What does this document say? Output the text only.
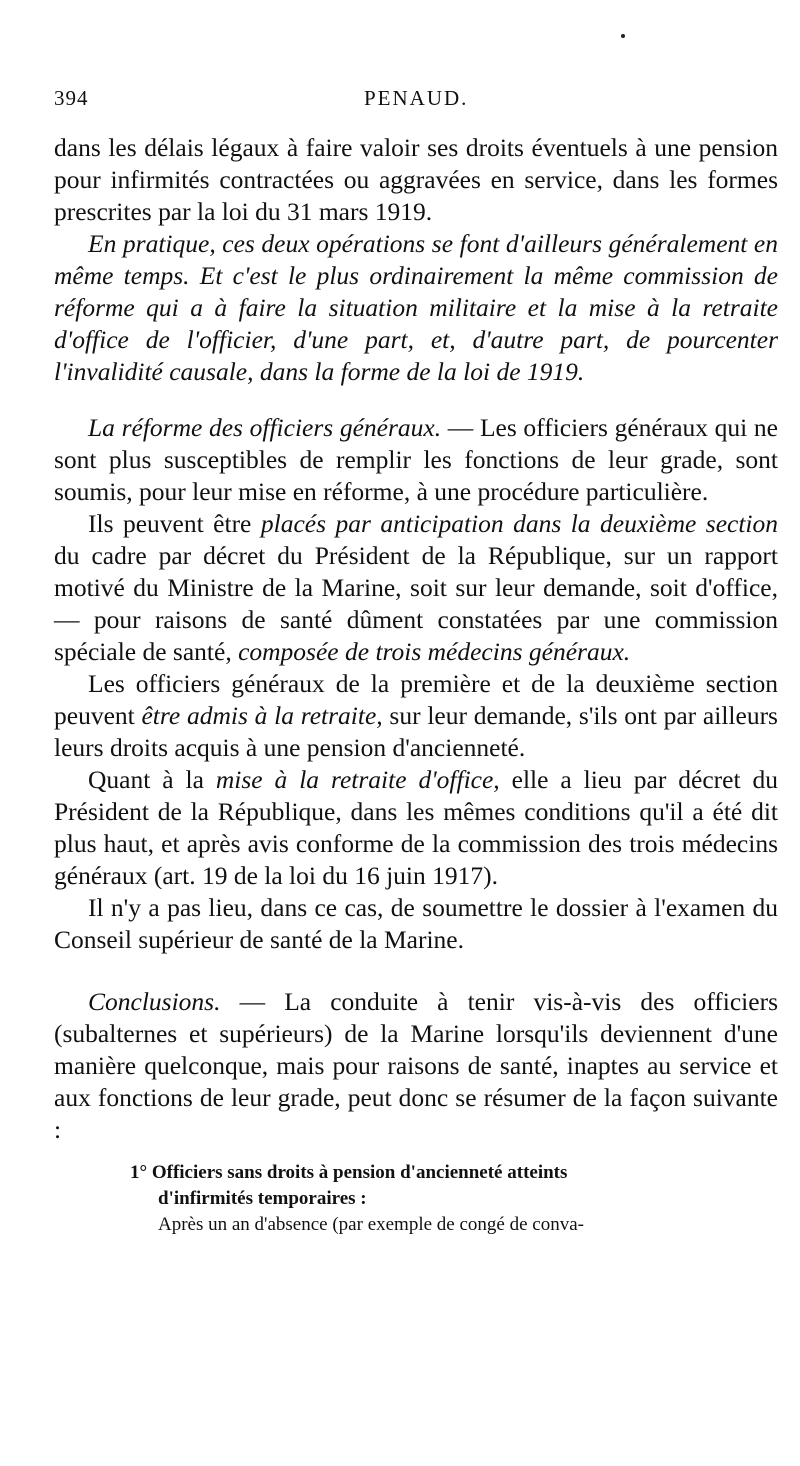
394	PENAUD.

dans les délais légaux à faire valoir ses droits éventuels à une pension pour infirmités contractées ou aggravées en service, dans les formes prescrites par la loi du 31 mars 1919.

En pratique, ces deux opérations se font d'ailleurs généralement en même temps. Et c'est le plus ordinairement la même commission de réforme qui a à faire la situation militaire et la mise à la retraite d'office de l'officier, d'une part, et, d'autre part, de pourcenter l'invalidité causale, dans la forme de la loi de 1919.

La réforme des officiers généraux. — Les officiers généraux qui ne sont plus susceptibles de remplir les fonctions de leur grade, sont soumis, pour leur mise en réforme, à une procédure particulière.

Ils peuvent être placés par anticipation dans la deuxième section du cadre par décret du Président de la République, sur un rapport motivé du Ministre de la Marine, soit sur leur demande, soit d'office, — pour raisons de santé dûment constatées par une commission spéciale de santé, composée de trois médecins généraux.

Les officiers généraux de la première et de la deuxième section peuvent être admis à la retraite, sur leur demande, s'ils ont par ailleurs leurs droits acquis à une pension d'ancienneté.

Quant à la mise à la retraite d'office, elle a lieu par décret du Président de la République, dans les mêmes conditions qu'il a été dit plus haut, et après avis conforme de la commission des trois médecins généraux (art. 19 de la loi du 16 juin 1917).

Il n'y a pas lieu, dans ce cas, de soumettre le dossier à l'examen du Conseil supérieur de santé de la Marine.

Conclusions. — La conduite à tenir vis-à-vis des officiers (subalternes et supérieurs) de la Marine lorsqu'ils deviennent d'une manière quelconque, mais pour raisons de santé, inaptes au service et aux fonctions de leur grade, peut donc se résumer de la façon suivante :

1° Officiers sans droits à pension d'ancienneté atteints
d'infirmités temporaires :
Après un an d'absence (par exemple de congé de conva-
